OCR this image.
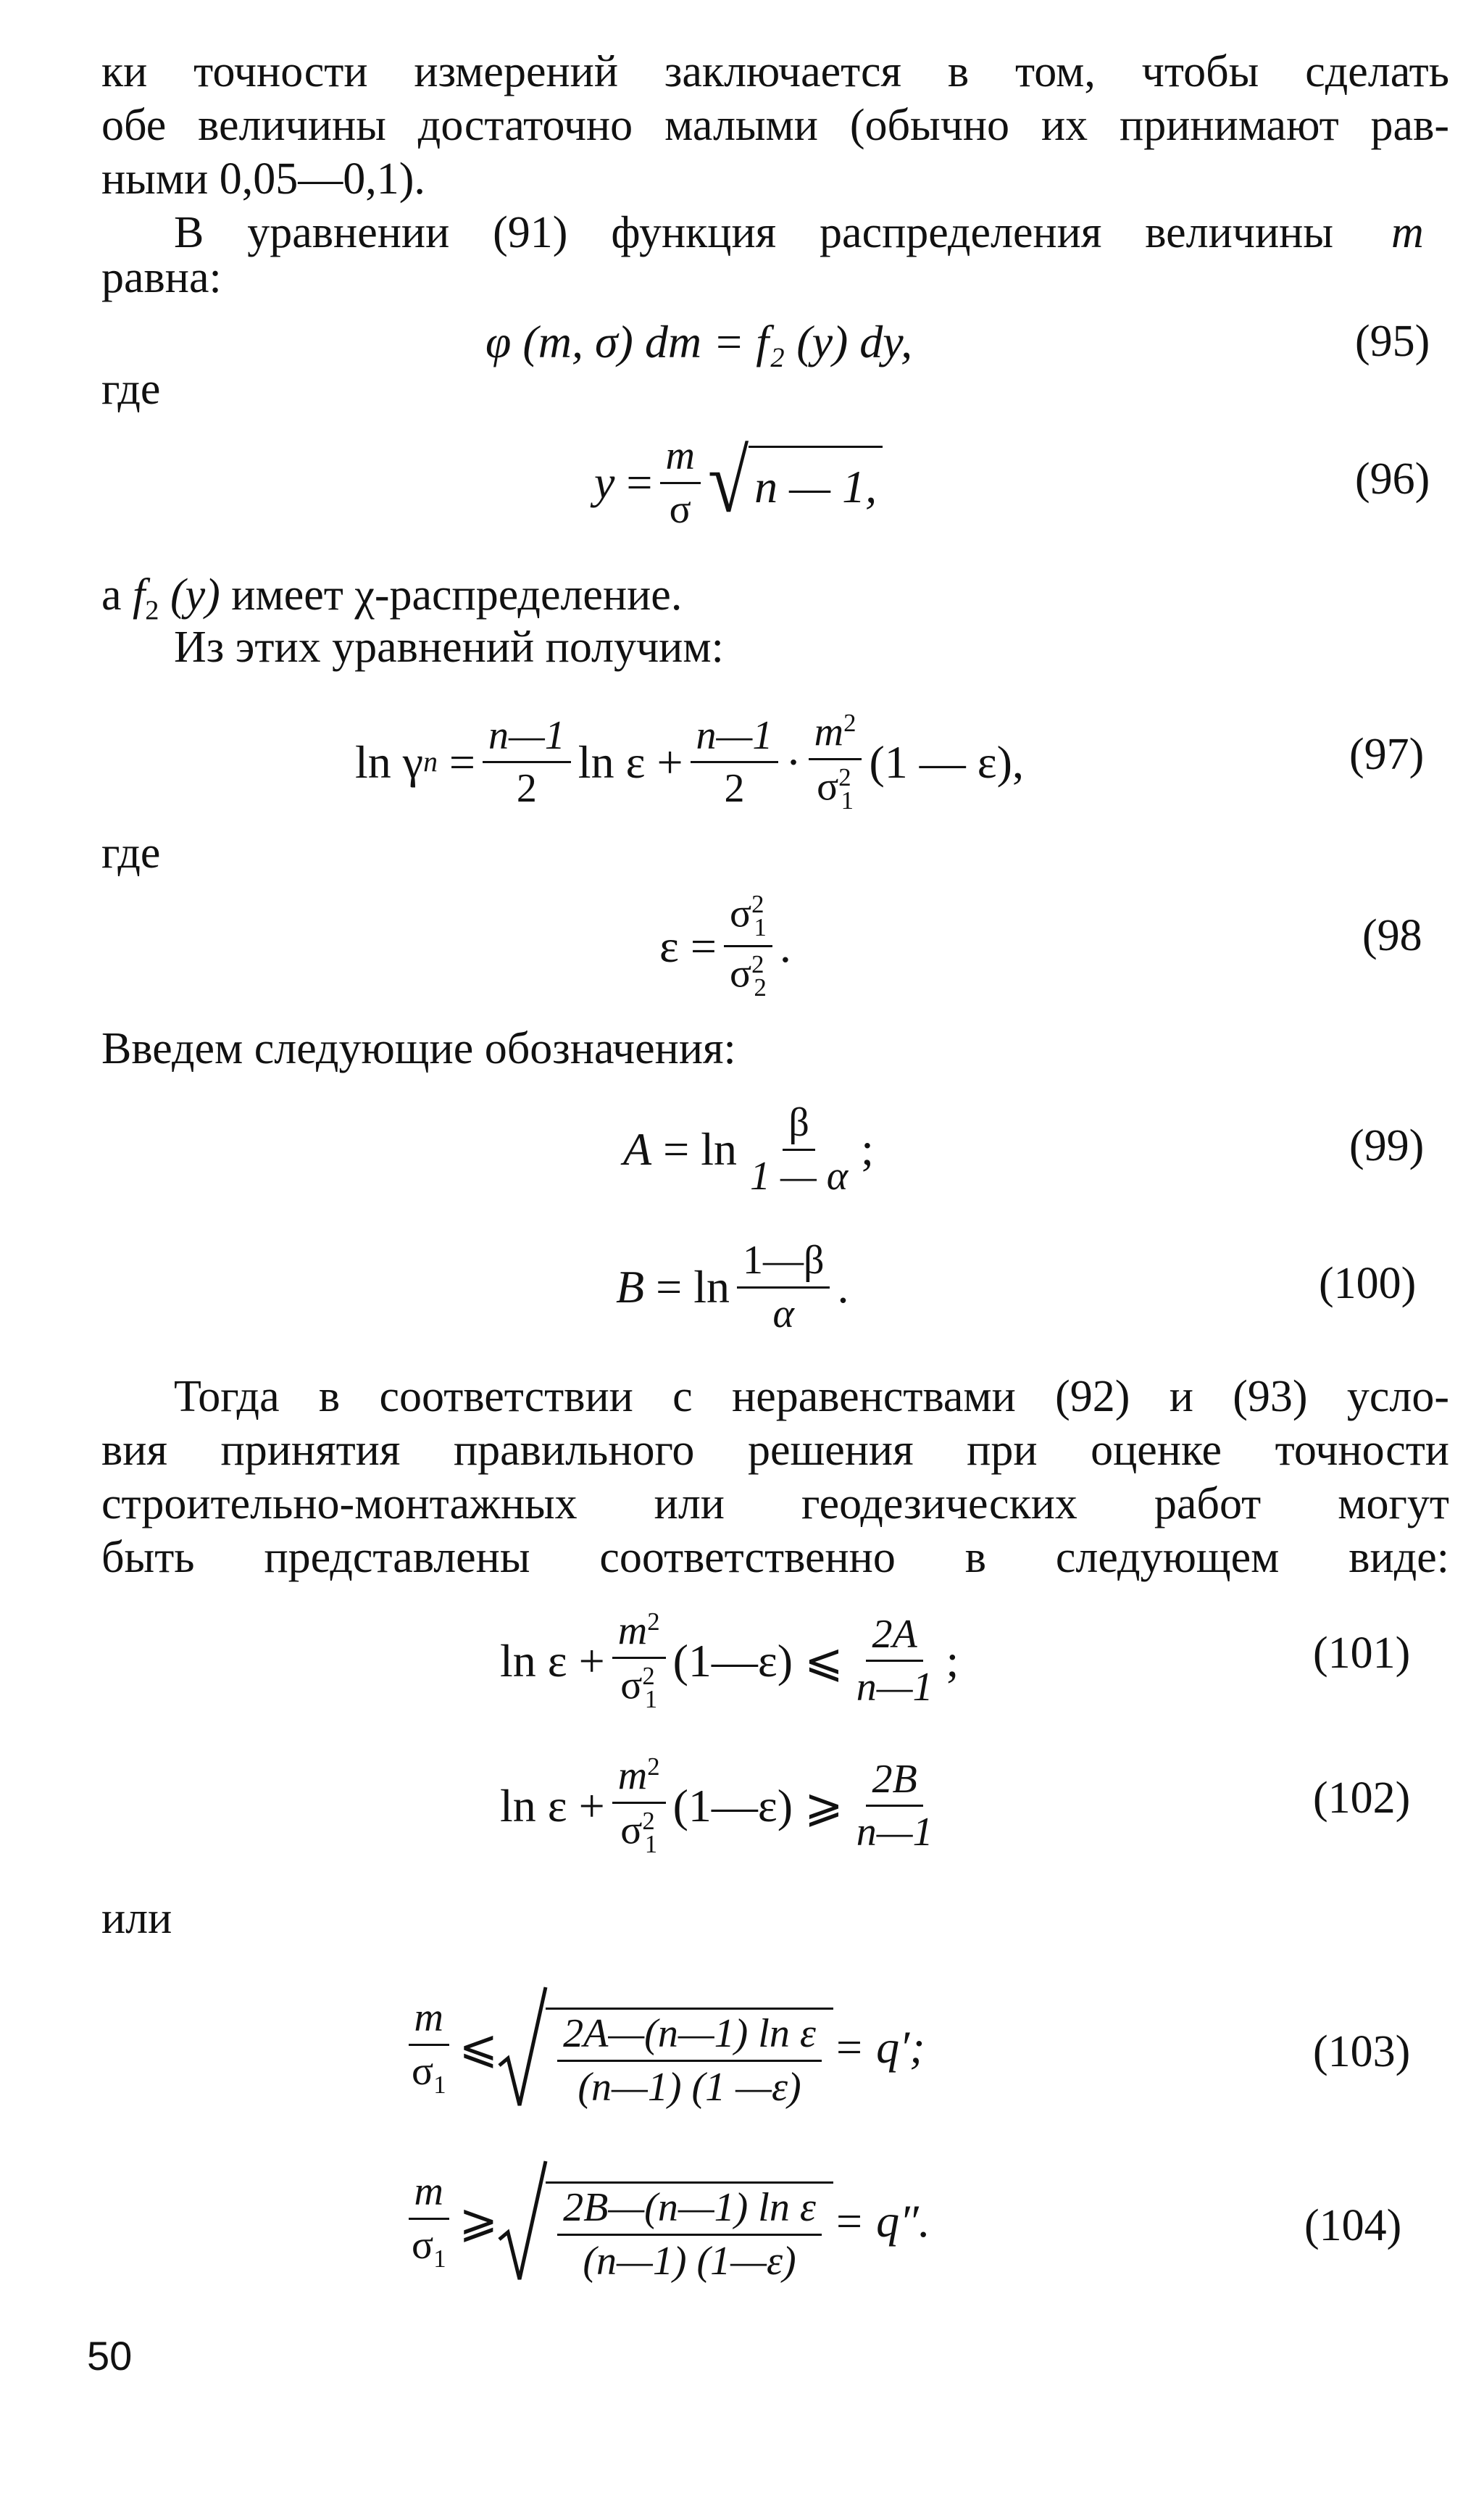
ки точности измерений заключается в том, чтобы сделать
обе величины достаточно малыми (обычно их принимают рав-
ными 0,05—0,1).
В уравнении (91) функция распределения величины	m
равна:
φ (m, σ) dm = f₂ (y) dy,	(95)
где
$y = \frac{m}{\sigma}$ √ n — 1,	(96)
а $f_2$ (y) имеет χ-распределение.
Из этих уравнений получим:
ln γ $n = \frac{n—1}{2}$ $\ln \varepsilon + \frac{n—1}{2} \cdot \frac{m^2}{\sigma^2_1} (1$ — ε),	(97)
где
$\varepsilon = \frac{\sigma^2_1}{\sigma^2_2}$ .	(98
Введем следующие обозначения:
$A = \ln \frac{\beta}{1 — \alpha}$ ;	(99)
$B = \ln \frac{1—\beta}{\alpha}$ .	(100)
Тогда в соответствии с неравенствами (92) и (93) усло-
вия принятия правильного решения при оценке точности
строительно-монтажных или геодезических работ могут
быть представлены соответственно в следующем виде:
$\ln \varepsilon + \frac{m^2}{\sigma^2_1}$ (1—ε) ⩽ $\frac{2A}{n—1}$ ;	(101)
$\ln \varepsilon + \frac{m^2}{\sigma^2_1}$ (1—ε) ⩾ $\frac{2B}{n—1}$	(102)
или
$\frac{m}{\sigma_1}$ ⩽ $\frac{\text{2A—(n—1) ln ε}}{(n—1) (1 —\varepsilon)} = q'$;	(103)
$\frac{m}{\sigma_1}$ ⩾ $\frac{\text{2B—(n—1) ln ε}}{(n—1) (1—\varepsilon)} = q''$.	(104)
50
